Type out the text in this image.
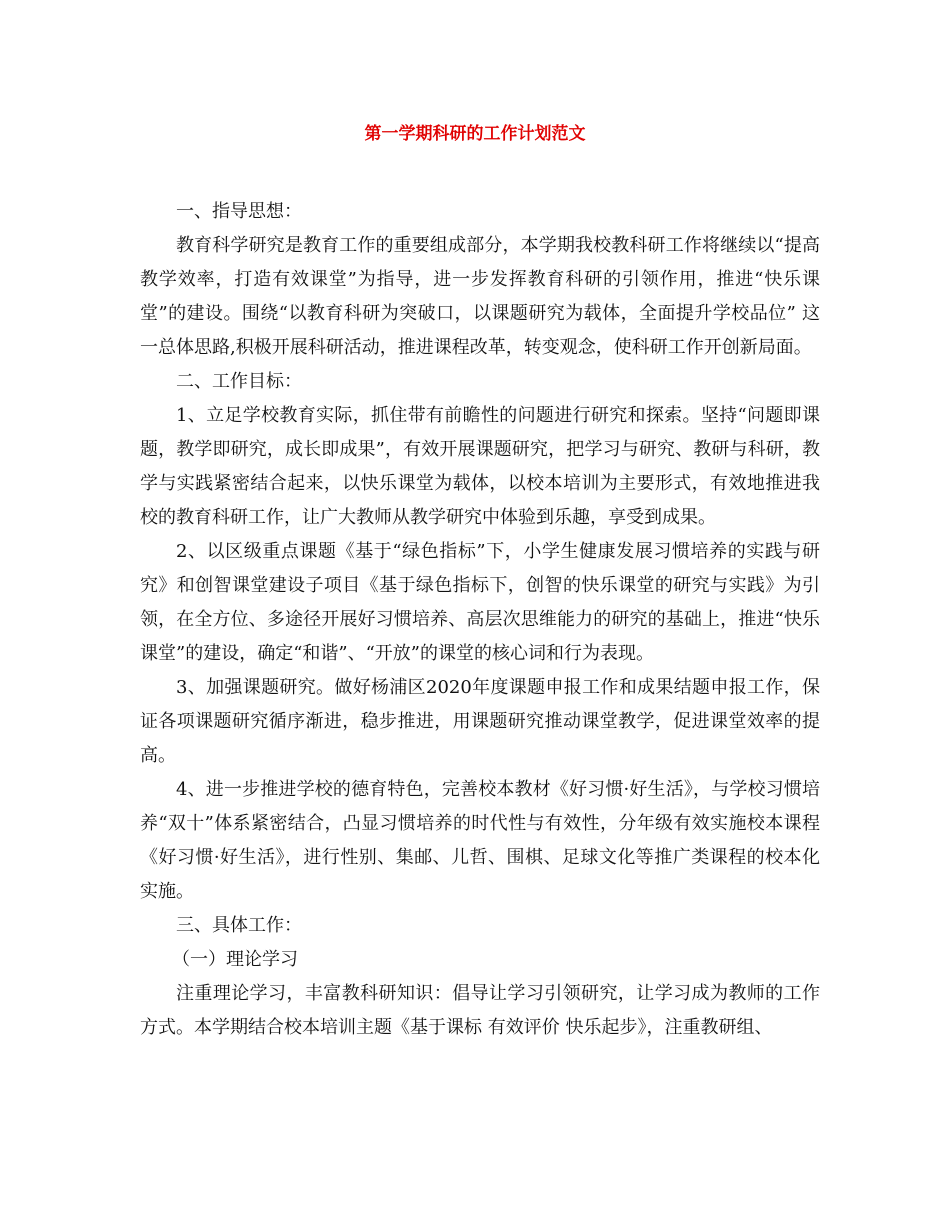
第一学期科研的工作计划范文

一、指导思想：

教育科学研究是教育工作的重要组成部分，本学期我校教科研工作将继续以“提高教学效率，打造有效课堂”为指导，进一步发挥教育科研的引领作用，推进“快乐课堂”的建设。围绕“以教育科研为突破口，以课题研究为载体，全面提升学校品位” 这一总体思路,积极开展科研活动，推进课程改革，转变观念，使科研工作开创新局面。

二、工作目标：

1、立足学校教育实际，抓住带有前瞻性的问题进行研究和探索。坚持“问题即课题，教学即研究，成长即成果”，有效开展课题研究，把学习与研究、教研与科研，教学与实践紧密结合起来，以快乐课堂为载体，以校本培训为主要形式，有效地推进我校的教育科研工作，让广大教师从教学研究中体验到乐趣，享受到成果。

2、以区级重点课题《基于“绿色指标”下，小学生健康发展习惯培养的实践与研究》和创智课堂建设子项目《基于绿色指标下，创智的快乐课堂的研究与实践》为引领，在全方位、多途径开展好习惯培养、高层次思维能力的研究的基础上，推进“快乐课堂”的建设，确定“和谐”、“开放”的课堂的核心词和行为表现。

3、加强课题研究。做好杨浦区2020年度课题申报工作和成果结题申报工作，保证各项课题研究循序渐进，稳步推进，用课题研究推动课堂教学，促进课堂效率的提高。

4、进一步推进学校的德育特色，完善校本教材《好习惯·好生活》，与学校习惯培养“双十”体系紧密结合，凸显习惯培养的时代性与有效性，分年级有效实施校本课程《好习惯·好生活》，进行性别、集邮、儿哲、围棋、足球文化等推广类课程的校本化实施。

三、具体工作：

（一）理论学习

注重理论学习，丰富教科研知识：倡导让学习引领研究，让学习成为教师的工作方式。本学期结合校本培训主题《基于课标 有效评价 快乐起步》，注重教研组、
